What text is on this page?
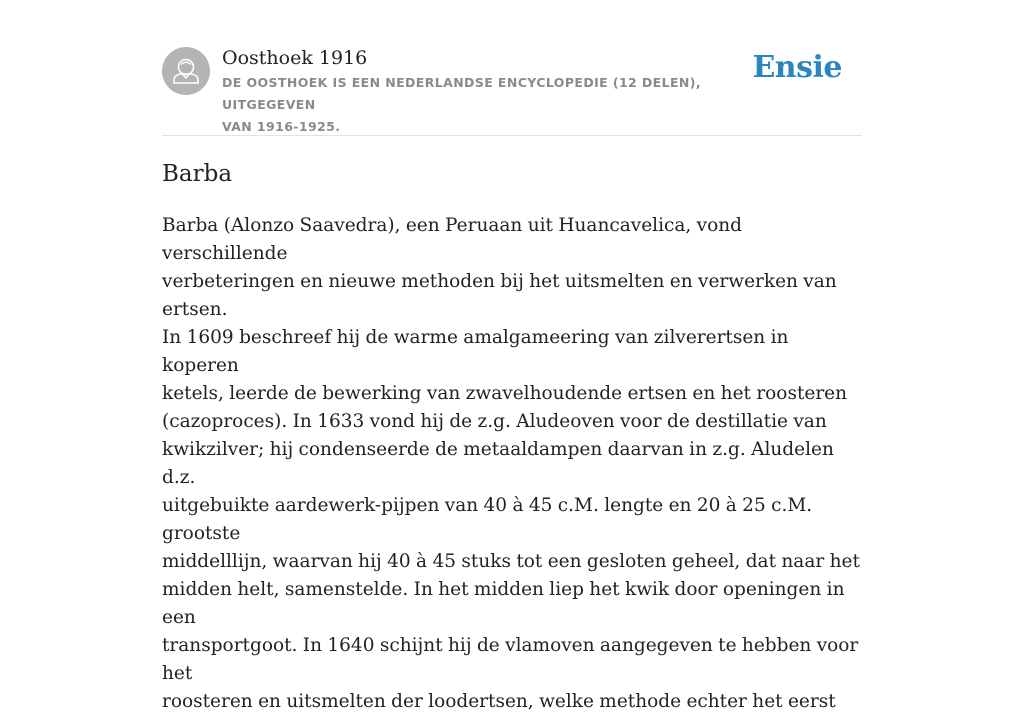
Oosthoek 1916
DE OOSTHOEK IS EEN NEDERLANDSE ENCYCLOPEDIE (12 DELEN), UITGEGEVEN
VAN 1916-1925.
Ensie
Barba

Barba (Alonzo Saavedra), een Peruaan uit Huancavelica, vond verschillende
verbeteringen en nieuwe methoden bij het uitsmelten en verwerken van ertsen.
In 1609 beschreef hij de warme amalgameering van zilverertsen in koperen
ketels, leerde de bewerking van zwavelhoudende ertsen en het roosteren
(cazoproces). In 1633 vond hij de z.g. Aludeoven voor de destillatie van
kwikzilver; hij condenseerde de metaaldampen daarvan in z.g. Aludelen d.z.
uitgebuikte aardewerk-pijpen van 40 à 45 c.M. lengte en 20 à 25 c.M. grootste
middelllijn, waarvan hij 40 à 45 stuks tot een gesloten geheel, dat naar het
midden helt, samenstelde. In het midden liep het kwik door openingen in een
transportgoot. In 1640 schijnt hij de vlamoven aangegeven te hebben voor het
roosteren en uitsmelten der loodertsen, welke methode echter het eerst
